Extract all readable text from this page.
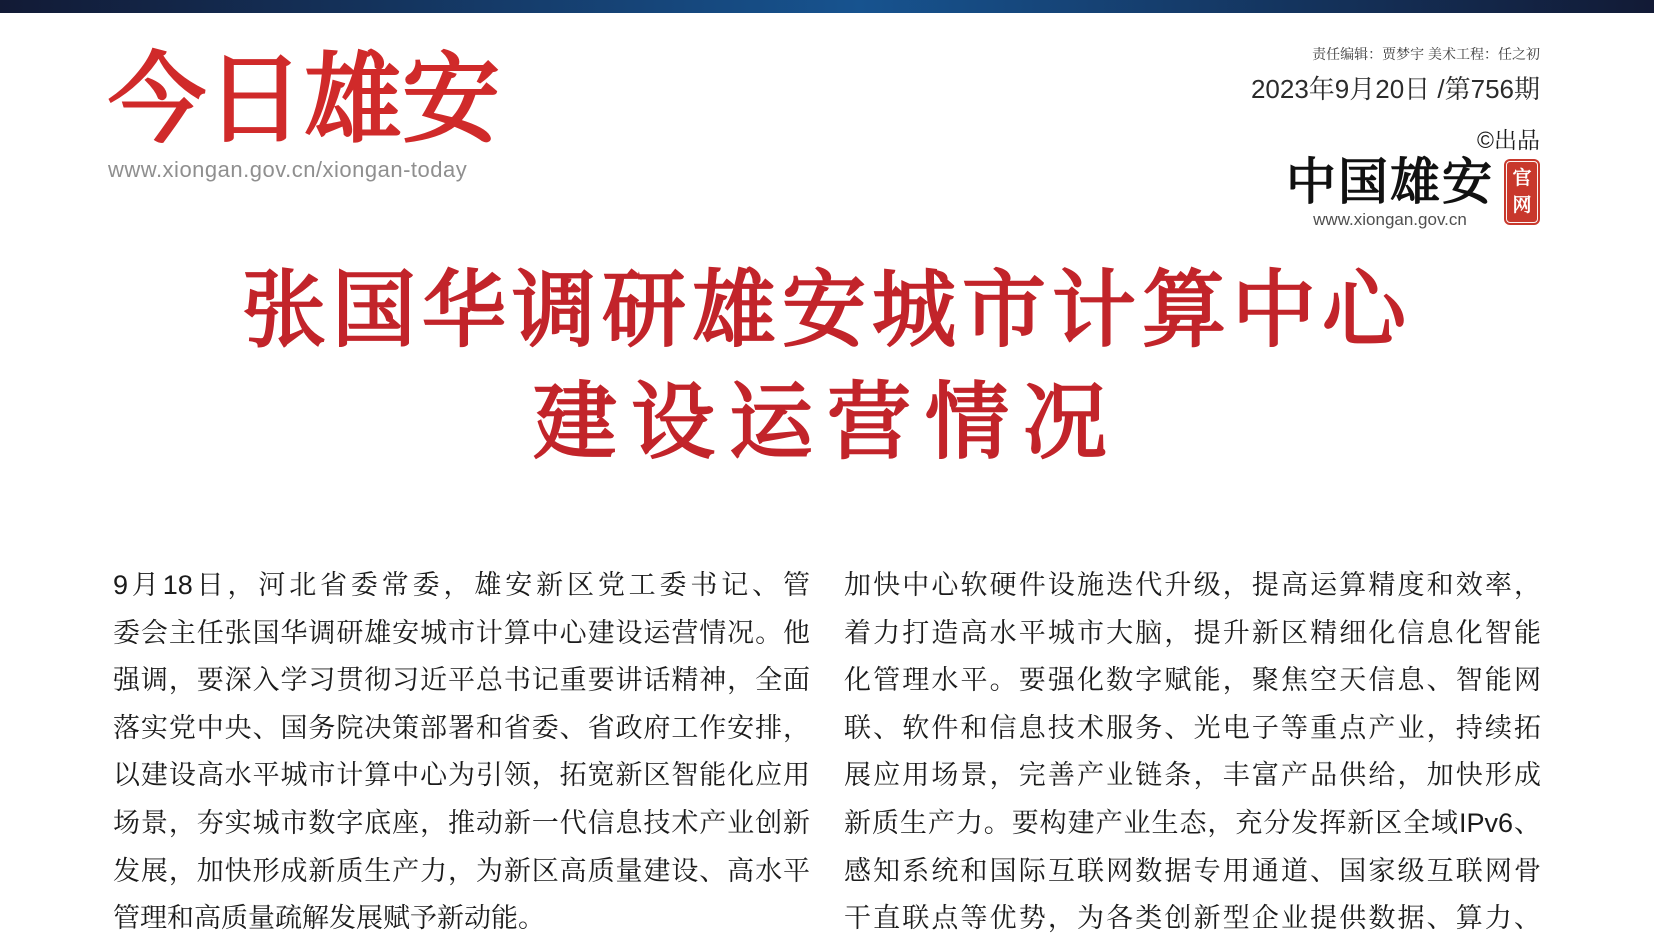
今日雄安
www.xiongan.gov.cn/xiongan-today
责任编辑：贾梦宇 美术工程：任之初
2023年9月20日 /第756期
©出品
中国雄安
www.xiongan.gov.cn
官
网
张国华调研雄安城市计算中心
建设运营情况
9月18日，河北省委常委，雄安新区党工委书记、管
委会主任张国华调研雄安城市计算中心建设运营情况。他
强调，要深入学习贯彻习近平总书记重要讲话精神，全面
落实党中央、国务院决策部署和省委、省政府工作安排，
以建设高水平城市计算中心为引领，拓宽新区智能化应用
场景，夯实城市数字底座，推动新一代信息技术产业创新
发展，加快形成新质生产力，为新区高质量建设、高水平
管理和高质量疏解发展赋予新动能。
加快中心软硬件设施迭代升级，提高运算精度和效率，
着力打造高水平城市大脑，提升新区精细化信息化智能
化管理水平。要强化数字赋能，聚焦空天信息、智能网
联、软件和信息技术服务、光电子等重点产业，持续拓
展应用场景，完善产业链条，丰富产品供给，加快形成
新质生产力。要构建产业生态，充分发挥新区全域IPv6、
感知系统和国际互联网数据专用通道、国家级互联网骨
干直联点等优势，为各类创新型企业提供数据、算力、
